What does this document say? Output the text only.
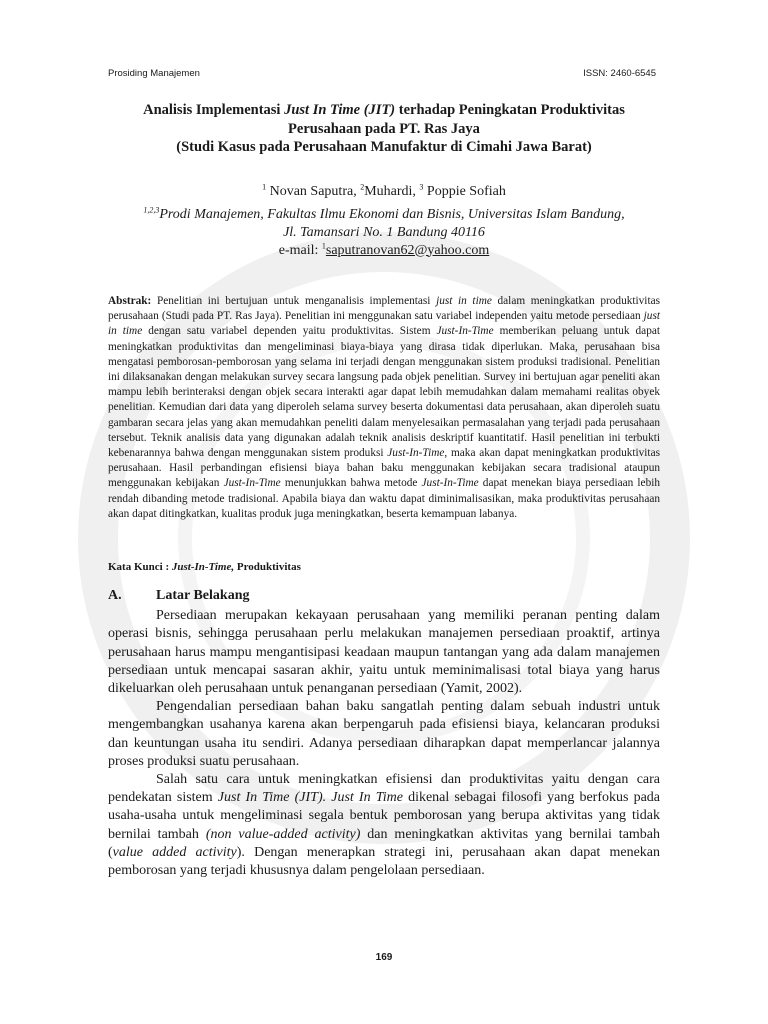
Prosiding Manajemen	ISSN: 2460-6545

Analisis Implementasi Just In Time (JIT) terhadap Peningkatan Produktivitas
Perusahaan pada PT. Ras Jaya
(Studi Kasus pada Perusahaan Manufaktur di Cimahi Jawa Barat)

$^1$ Novan Saputra, $^2$Muhardi, $^3$ Poppie Sofiah
$^{1,2,3}$Prodi Manajemen, Fakultas Ilmu Ekonomi dan Bisnis, Universitas Islam Bandung,
Jl. Tamansari No. 1 Bandung 40116
e-mail: $^1$saputranovan62@yahoo.com
Abstrak: Penelitian ini bertujuan untuk menganalisis implementasi just in time dalam meningkatkan produktivitas perusahaan (Studi pada PT. Ras Jaya). Penelitian ini menggunakan satu variabel independen yaitu metode persediaan just in time dengan satu variabel dependen yaitu produktivitas. Sistem Just-In-Time memberikan peluang untuk dapat meningkatkan produktivitas dan mengeliminasi biaya-biaya yang dirasa tidak diperlukan. Maka, perusahaan bisa mengatasi pemborosan-pemborosan yang selama ini terjadi dengan menggunakan sistem produksi tradisional. Penelitian ini dilaksanakan dengan melakukan survey secara langsung pada objek penelitian. Survey ini bertujuan agar peneliti akan mampu lebih berinteraksi dengan objek secara interakti agar dapat lebih memudahkan dalam memahami realitas obyek penelitian. Kemudian dari data yang diperoleh selama survey beserta dokumentasi data perusahaan, akan diperoleh suatu gambaran secara jelas yang akan memudahkan peneliti dalam menyelesaikan permasalahan yang terjadi pada perusahaan tersebut. Teknik analisis data yang digunakan adalah teknik analisis deskriptif kuantitatif. Hasil penelitian ini terbukti kebenarannya bahwa dengan menggunakan sistem produksi Just-In-Time, maka akan dapat meningkatkan produktivitas perusahaan. Hasil perbandingan efisiensi biaya bahan baku menggunakan kebijakan secara tradisional ataupun menggunakan kebijakan Just-In-Time menunjukkan bahwa metode Just-In-Time dapat menekan biaya persediaan lebih rendah dibanding metode tradisional. Apabila biaya dan waktu dapat diminimalisasikan, maka produktivitas perusahaan akan dapat ditingkatkan, kualitas produk juga meningkatkan, beserta kemampuan labanya.
Kata Kunci : Just-In-Time, Produktivitas
A. Latar Belakang

Persediaan merupakan kekayaan perusahaan yang memiliki peranan penting dalam operasi bisnis, sehingga perusahaan perlu melakukan manajemen persediaan proaktif, artinya perusahaan harus mampu mengantisipasi keadaan maupun tantangan yang ada dalam manajemen persediaan untuk mencapai sasaran akhir, yaitu untuk meminimalisasi total biaya yang harus dikeluarkan oleh perusahaan untuk penanganan persediaan (Yamit, 2002).

Pengendalian persediaan bahan baku sangatlah penting dalam sebuah industri untuk mengembangkan usahanya karena akan berpengaruh pada efisiensi biaya, kelancaran produksi dan keuntungan usaha itu sendiri. Adanya persediaan diharapkan dapat memperlancar jalannya proses produksi suatu perusahaan.

Salah satu cara untuk meningkatkan efisiensi dan produktivitas yaitu dengan cara pendekatan sistem Just In Time (JIT). Just In Time dikenal sebagai filosofi yang berfokus pada usaha-usaha untuk mengeliminasi segala bentuk pemborosan yang berupa aktivitas yang tidak bernilai tambah (non value-added activity) dan meningkatkan aktivitas yang bernilai tambah (value added activity). Dengan menerapkan strategi ini, perusahaan akan dapat menekan pemborosan yang terjadi khususnya dalam pengelolaan persediaan.

169
